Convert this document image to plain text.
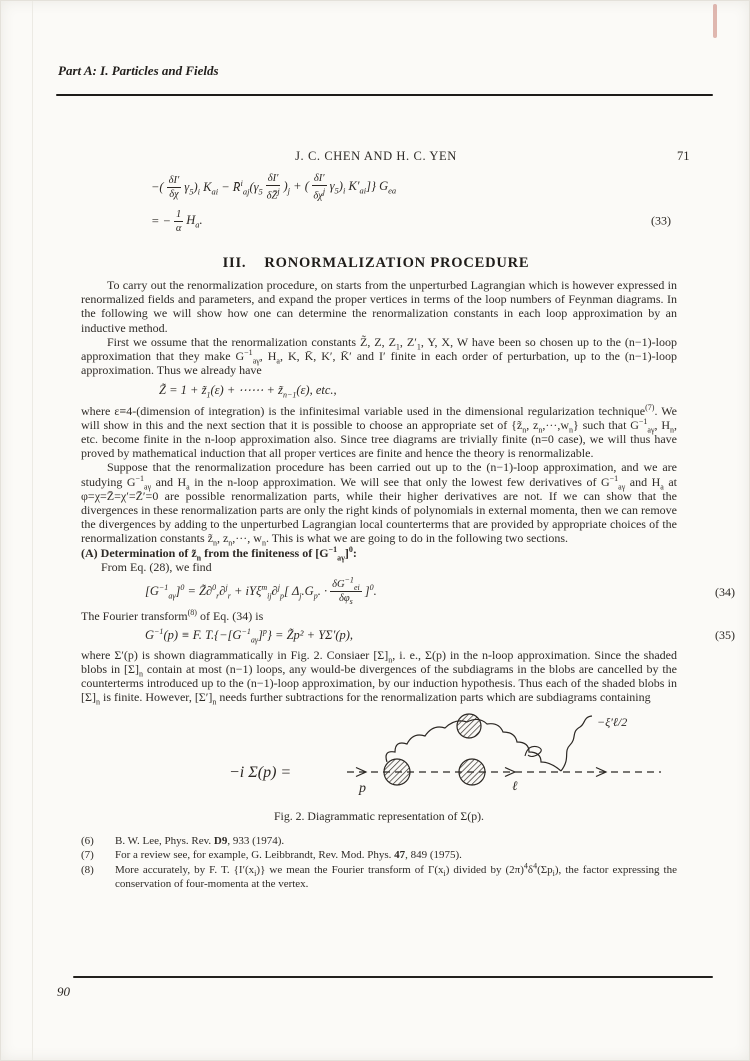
Part A: I. Particles and Fields
J. C. CHEN AND H. C. YEN	71
−( $\frac{\delta I'}{\delta\chi} \gamma_5)_i$ $K_{ai}$ − $R̄^i_{aj}(\gamma_5 \frac{\delta I'}{\delta Z̄^j} )_j$ + ( $\frac{\delta I'}{\delta\chi^j} \gamma_5)_i$ $K'_{ai}$]} $G_{ea}$
= − $\frac{1}{\alpha} H_a$.	(33)
III. RONORMALIZATION PROCEDURE

To carry out the renormalization procedure, on starts from the unperturbed Lagrangian which is however expressed in renormalized fields and parameters, and expand the proper vertices in terms of the loop numbers of Feynman diagrams. In the following we will show how one can determine the renormalization constants in each loop approximation by an inductive method.

First we ossume that the renormalization constants Z̃, Z, $Z_1$, $Z'_1$, Y, X, W have been so chosen up to the (n−1)-loop approximation that they make $G^{-1}_{a\gamma}$, $H_a$, K, K̄, K′, K̄′ and I′ finite in each order of perturbation, up to the (n−1)-loop approximation. Thus we already have

Z̃ = $1 + z̃_1(\varepsilon)$ + ⋯⋯ + $z̃_{n-1}(\varepsilon)$, etc.,

where ε≡4-(dimension of integration) is the infinitesimal variable used in the dimensional regularization technique$^{(7)}$. We will show in this and the next section that it is possible to choose an appropriate set of {$z̃_n$, $z_n,\cdot\cdot\cdot,w_n$} such that $G^{-1}_{a\gamma}$, $H_n$, etc. become finite in the n-loop approximation also. Since tree diagrams are trivially finite (n=0 case), we will thus have proved by mathematical induction that all proper vertices are finite and hence the theory is renormalizable.

Suppose that the renormalization procedure has been carried out up to the (n−1)-loop approximation, and we are studying $G^{-1}_{a\gamma}$ and $H_a$ in the n-loop approximation. We will see that only the lowest few derivatives of $G^{-1}_{a\gamma}$ and $H_a$ at φ=χ=Z̄=χ′=Z̄′=0 are possible renormalization parts, while their higher derivatives are not. If we can show that the divergences in these renormalization parts are only the right kinds of polynomials in external momenta, then we can remove the divergences by adding to the unperturbed Lagrangian local counterterms that are provided by appropriate choices of the renormalization constants $z̃_n$, $z_n,\cdot\cdot\cdot$, $w_n$. This is what we are going to do in the following two sections.

(A) Determination of $z̃_n$ from the finiteness of $[G^{-1}_{a\gamma}]^0$:

From Eq. (28), we find

$[G^{-1}_{a\gamma}]^0$ = Z̃∂$^0_r$∂$^j_r$ + iYξ$^m_{ij}$∂$^j_p$[ $\Delta_j.G_p$. · $\frac{\delta G^{-1}_{ei}}{\delta\varphi_s} ]^0$.	(34)

The Fourier transform$^{(8)}$ of Eq. (34) is

$G^{-1}(p) \equiv F$. $T.\{-[G^{-1}_{a\gamma}]^p\}$ = Z̃p² + YΣ′(p),	(35)

where Σ′(p) is shown diagrammatically in Fig. 2. Consiaer $[\Sigma]_n$, i. e., Σ(p) in the n-loop approximation. Since the shaded blobs in $[\Sigma]_n$ contain at most (n−1) loops, any would-be divergences of the subdiagrams in the blobs are cancelled by the counterterms introduced up to the (n−1)-loop approximation, by our induction hypothesis. Thus each of the shaded blobs in $[\Sigma]_n$ is finite. However, $[\Sigma']_n$ needs further subtractions for the renormalization parts which are subdiagrams containing

−i Σ(p) =
p	ℓ
−ξ′ℓ/2
Fig. 2. Diagrammatic representation of Σ(p).
(6)	B. W. Lee, Phys. Rev. D9, 933 (1974).
(7)	For a review see, for example, G. Leibbrandt, Rev. Mod. Phys. 47, 849 (1975).
(8)	More accurately, by F. T. $\{I'(x_i)\}$ we mean the Fourier transform of $\Gamma(x_i)$ divided by $(2\pi)^4\delta^4(\Sigma p_i)$, the factor expressing the conservation of four-momenta at the vertex.
90
